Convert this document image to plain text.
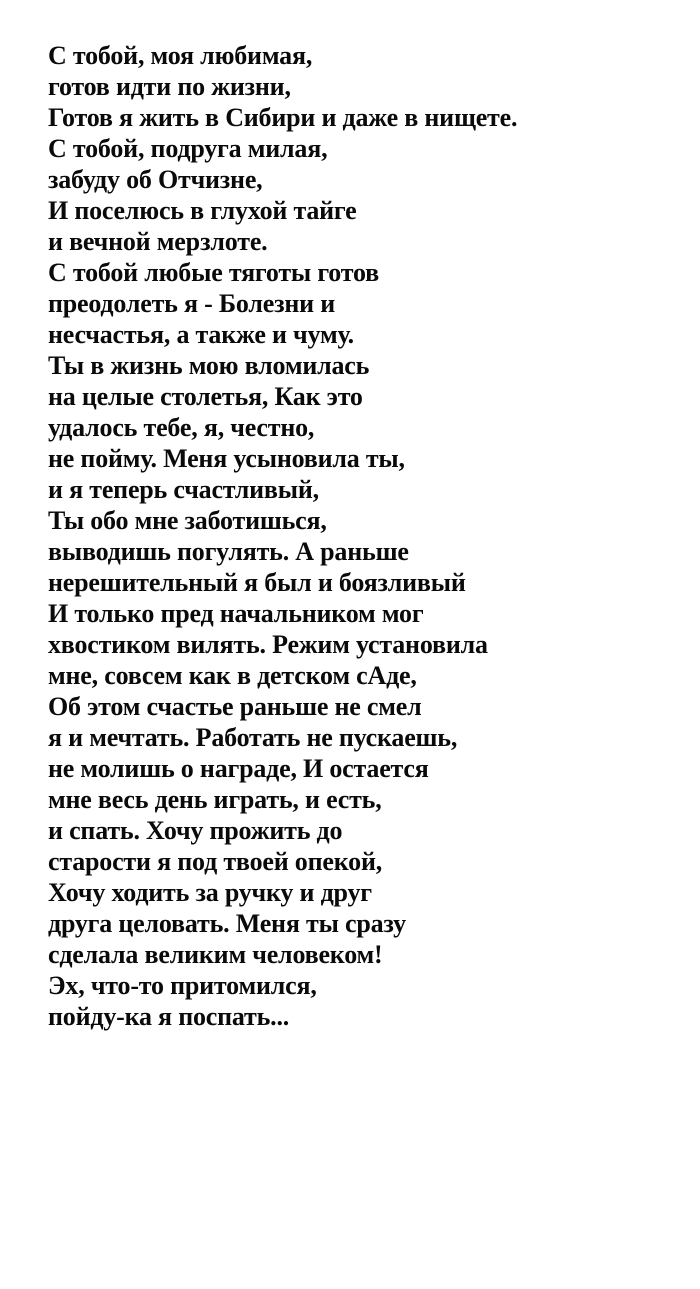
С тобой, моя любимая,
готов идти по жизни,
Готов я жить в Сибири и даже в нищете.
С тобой, подруга милая,
забуду об Отчизне,
И поселюсь в глухой тайге
и вечной мерзлоте.
С тобой любые тяготы готов
преодолеть я - Болезни и
несчастья, а также и чуму.
Ты в жизнь мою вломилась
на целые столетья, Как это
удалось тебе, я, честно,
не пойму. Меня усыновила ты,
и я теперь счастливый,
Ты обо мне заботишься,
выводишь погулять. А раньше
нерешительный я был и боязливый
И только пред начальником мог
хвостиком вилять. Режим установила
мне, совсем как в детском сАде,
Об этом счастье раньше не смел
я и мечтать. Работать не пускаешь,
не молишь о награде, И остается
мне весь день играть, и есть,
и спать. Хочу прожить до
старости я под твоей опекой,
Хочу ходить за ручку и друг
друга целовать. Меня ты сразу
сделала великим человеком!
Эх, что-то притомился,
пойду-ка я поспать...
